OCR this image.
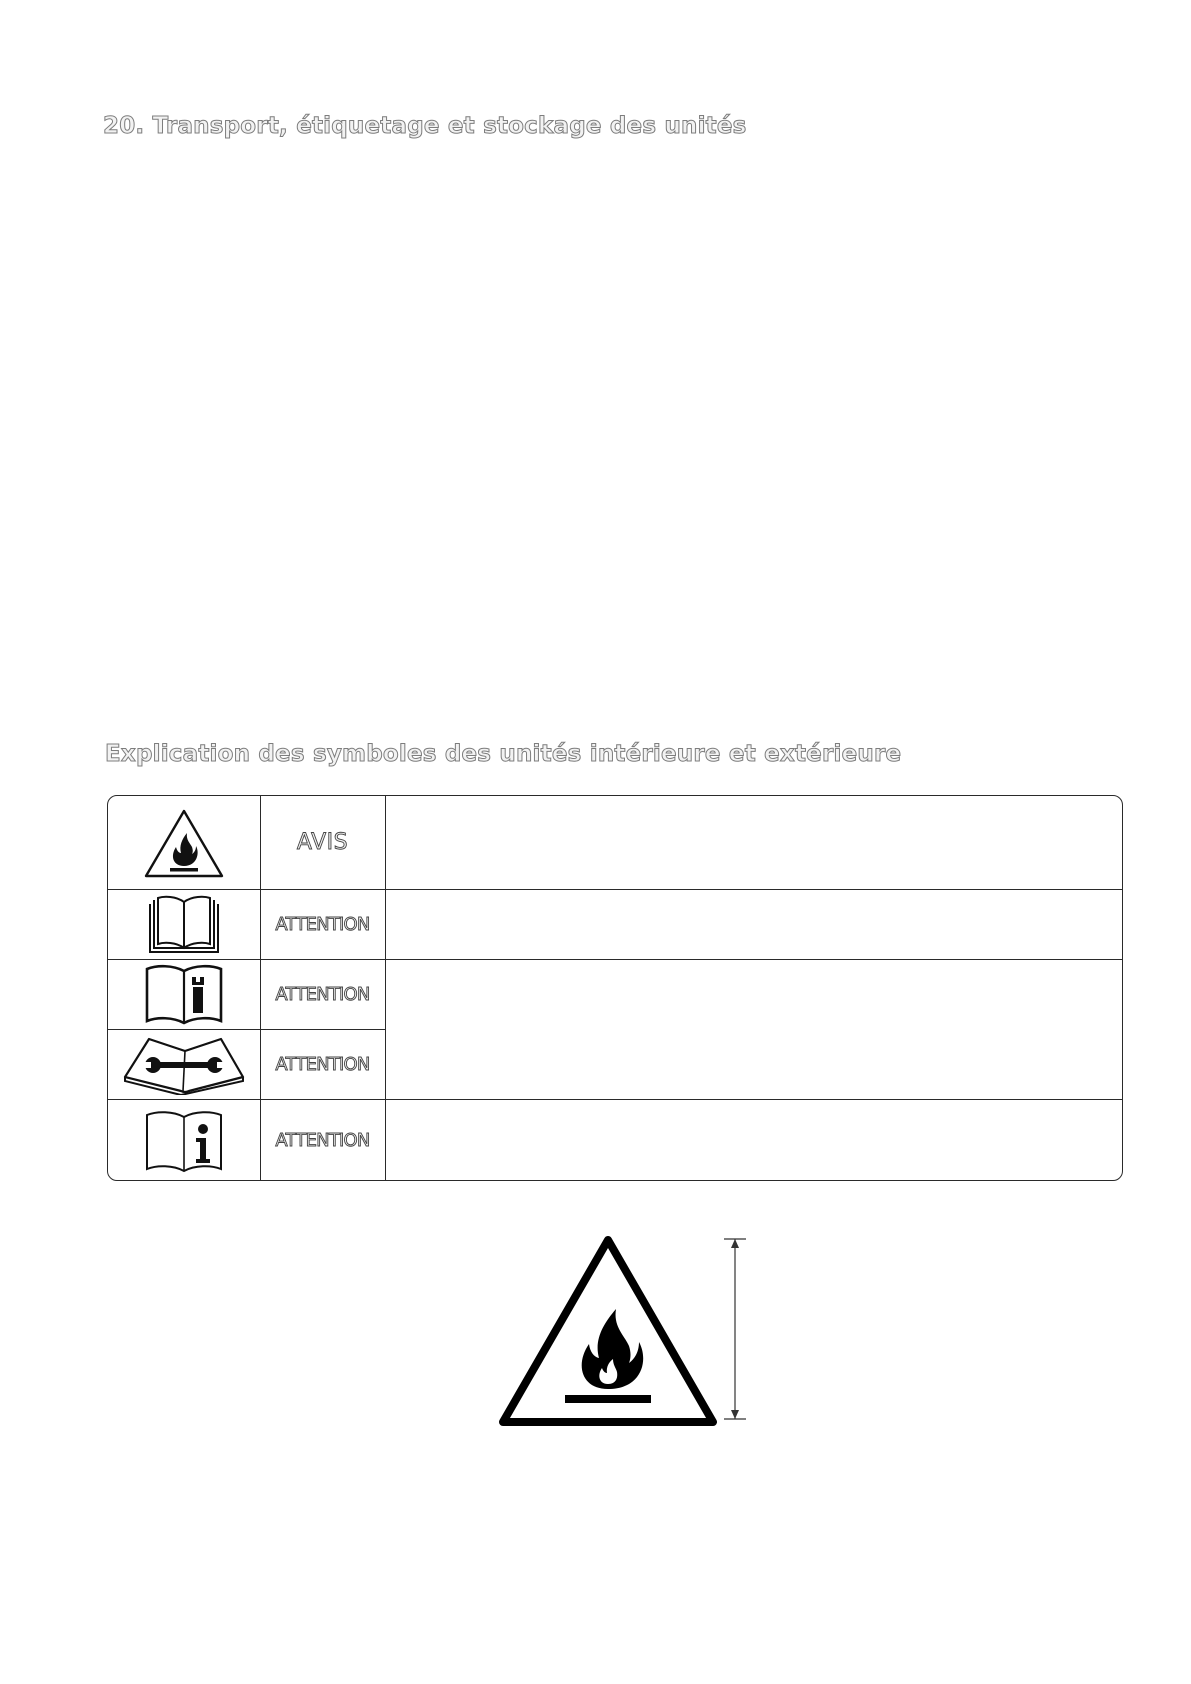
20. Transport, étiquetage et stockage des unités
Explication des symboles des unités intérieure et extérieure
AVIS
ATTENTION
ATTENTION
ATTENTION
ATTENTION
